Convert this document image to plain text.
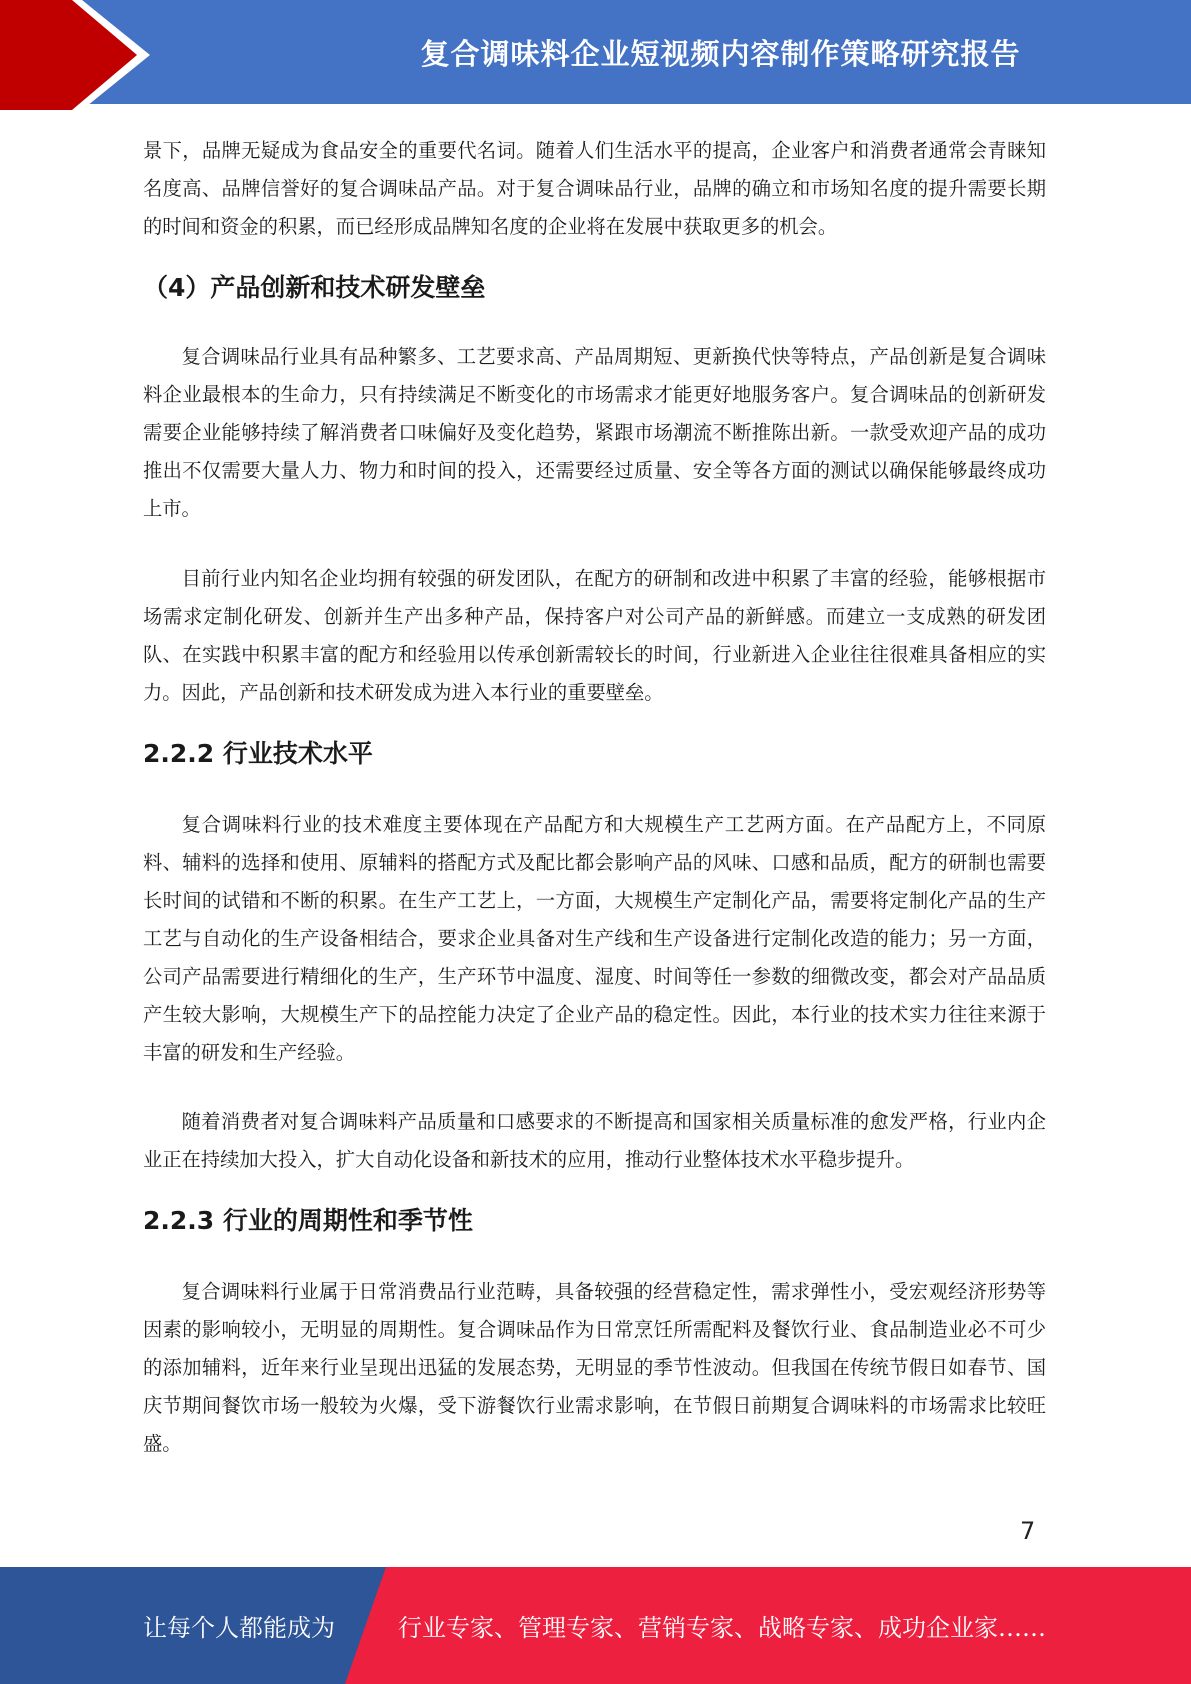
复合调味料企业短视频内容制作策略研究报告

景下，品牌无疑成为食品安全的重要代名词。随着人们生活水平的提高，企业客户和消费者通常会青睐知名度高、品牌信誉好的复合调味品产品。对于复合调味品行业，品牌的确立和市场知名度的提升需要长期的时间和资金的积累，而已经形成品牌知名度的企业将在发展中获取更多的机会。

（4）产品创新和技术研发壁垒

复合调味品行业具有品种繁多、工艺要求高、产品周期短、更新换代快等特点，产品创新是复合调味料企业最根本的生命力，只有持续满足不断变化的市场需求才能更好地服务客户。复合调味品的创新研发需要企业能够持续了解消费者口味偏好及变化趋势，紧跟市场潮流不断推陈出新。一款受欢迎产品的成功推出不仅需要大量人力、物力和时间的投入，还需要经过质量、安全等各方面的测试以确保能够最终成功上市。

目前行业内知名企业均拥有较强的研发团队，在配方的研制和改进中积累了丰富的经验，能够根据市场需求定制化研发、创新并生产出多种产品，保持客户对公司产品的新鲜感。而建立一支成熟的研发团队、在实践中积累丰富的配方和经验用以传承创新需较长的时间，行业新进入企业往往很难具备相应的实力。因此，产品创新和技术研发成为进入本行业的重要壁垒。

2.2.2 行业技术水平

复合调味料行业的技术难度主要体现在产品配方和大规模生产工艺两方面。在产品配方上，不同原料、辅料的选择和使用、原辅料的搭配方式及配比都会影响产品的风味、口感和品质，配方的研制也需要长时间的试错和不断的积累。在生产工艺上，一方面，大规模生产定制化产品，需要将定制化产品的生产工艺与自动化的生产设备相结合，要求企业具备对生产线和生产设备进行定制化改造的能力；另一方面，公司产品需要进行精细化的生产，生产环节中温度、湿度、时间等任一参数的细微改变，都会对产品品质产生较大影响，大规模生产下的品控能力决定了企业产品的稳定性。因此，本行业的技术实力往往来源于丰富的研发和生产经验。

随着消费者对复合调味料产品质量和口感要求的不断提高和国家相关质量标准的愈发严格，行业内企业正在持续加大投入，扩大自动化设备和新技术的应用，推动行业整体技术水平稳步提升。

2.2.3 行业的周期性和季节性

复合调味料行业属于日常消费品行业范畴，具备较强的经营稳定性，需求弹性小，受宏观经济形势等因素的影响较小，无明显的周期性。复合调味品作为日常烹饪所需配料及餐饮行业、食品制造业必不可少的添加辅料，近年来行业呈现出迅猛的发展态势，无明显的季节性波动。但我国在传统节假日如春节、国庆节期间餐饮市场一般较为火爆，受下游餐饮行业需求影响，在节假日前期复合调味料的市场需求比较旺盛。

7
让每个人都能成为	行业专家、管理专家、营销专家、战略专家、成功企业家……
